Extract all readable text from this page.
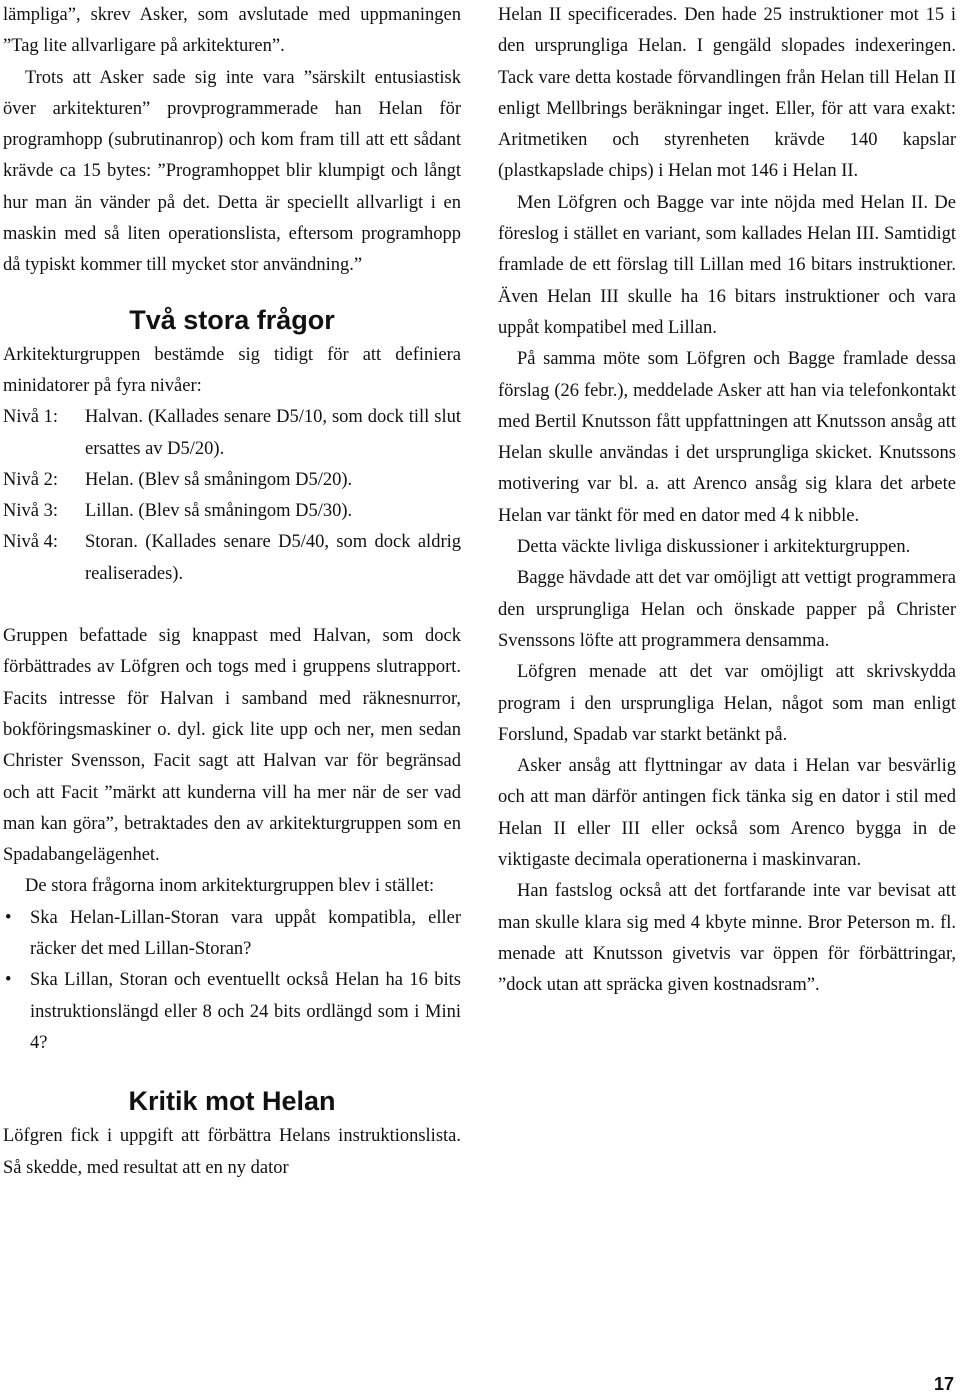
lämpliga”, skrev Asker, som avslutade med uppmaningen ”Tag lite allvarligare på arkitekturen”.

Trots att Asker sade sig inte vara ”särskilt entusiastisk över arkitekturen” provprogrammerade han Helan för programhopp (subrutinanrop) och kom fram till att ett sådant krävde ca 15 bytes: ”Programhoppet blir klumpigt och långt hur man än vänder på det. Detta är speciellt allvarligt i en maskin med så liten operationslista, eftersom programhopp då typiskt kommer till mycket stor användning.”

Två stora frågor

Arkitekturgruppen bestämde sig tidigt för att definiera minidatorer på fyra nivåer:

Nivå 1:	Halvan. (Kallades senare D5/10, som dock till slut ersattes av D5/20).
Nivå 2:	Helan. (Blev så småningom D5/20).
Nivå 3:	Lillan. (Blev så småningom D5/30).
Nivå 4:	Storan. (Kallades senare D5/40, som dock aldrig realiserades).

Gruppen befattade sig knappast med Halvan, som dock förbättrades av Löfgren och togs med i gruppens slutrapport. Facits intresse för Halvan i samband med räknesnurror, bokföringsmaskiner o. dyl. gick lite upp och ner, men sedan Christer Svensson, Facit sagt att Halvan var för begränsad och att Facit ”märkt att kunderna vill ha mer när de ser vad man kan göra”, betraktades den av arkitekturgruppen som en Spadabangelägenhet.

De stora frågorna inom arkitekturgruppen blev i stället:

• Ska Helan-Lillan-Storan vara uppåt kompatibla, eller räcker det med Lillan-Storan?
• Ska Lillan, Storan och eventuellt också Helan ha 16 bits instruktionslängd eller 8 och 24 bits ordlängd som i Mini 4?
Kritik mot Helan

Löfgren fick i uppgift att förbättra Helans instruktionslista. Så skedde, med resultat att en ny dator

Helan II specificerades. Den hade 25 instruktioner mot 15 i den ursprungliga Helan. I gengäld slopades indexeringen. Tack vare detta kostade förvandlingen från Helan till Helan II enligt Mellbrings beräkningar inget. Eller, för att vara exakt: Aritmetiken och styrenheten krävde 140 kapslar (plastkapslade chips) i Helan mot 146 i Helan II.

Men Löfgren och Bagge var inte nöjda med Helan II. De föreslog i stället en variant, som kallades Helan III. Samtidigt framlade de ett förslag till Lillan med 16 bitars instruktioner. Även Helan III skulle ha 16 bitars instruktioner och vara uppåt kompatibel med Lillan.

På samma möte som Löfgren och Bagge framlade dessa förslag (26 febr.), meddelade Asker att han via telefonkontakt med Bertil Knutsson fått uppfattningen att Knutsson ansåg att Helan skulle användas i det ursprungliga skicket. Knutssons motivering var bl. a. att Arenco ansåg sig klara det arbete Helan var tänkt för med en dator med 4 k nibble.

Detta väckte livliga diskussioner i arkitekturgruppen.

Bagge hävdade att det var omöjligt att vettigt programmera den ursprungliga Helan och önskade papper på Christer Svenssons löfte att programmera densamma.

Löfgren menade att det var omöjligt att skrivskydda program i den ursprungliga Helan, något som man enligt Forslund, Spadab var starkt betänkt på.

Asker ansåg att flyttningar av data i Helan var besvärlig och att man därför antingen fick tänka sig en dator i stil med Helan II eller III eller också som Arenco bygga in de viktigaste decimala operationerna i maskinvaran.

Han fastslog också att det fortfarande inte var bevisat att man skulle klara sig med 4 kbyte minne. Bror Peterson m. fl. menade att Knutsson givetvis var öppen för förbättringar, ”dock utan att spräcka given kostnadsram”.

17
